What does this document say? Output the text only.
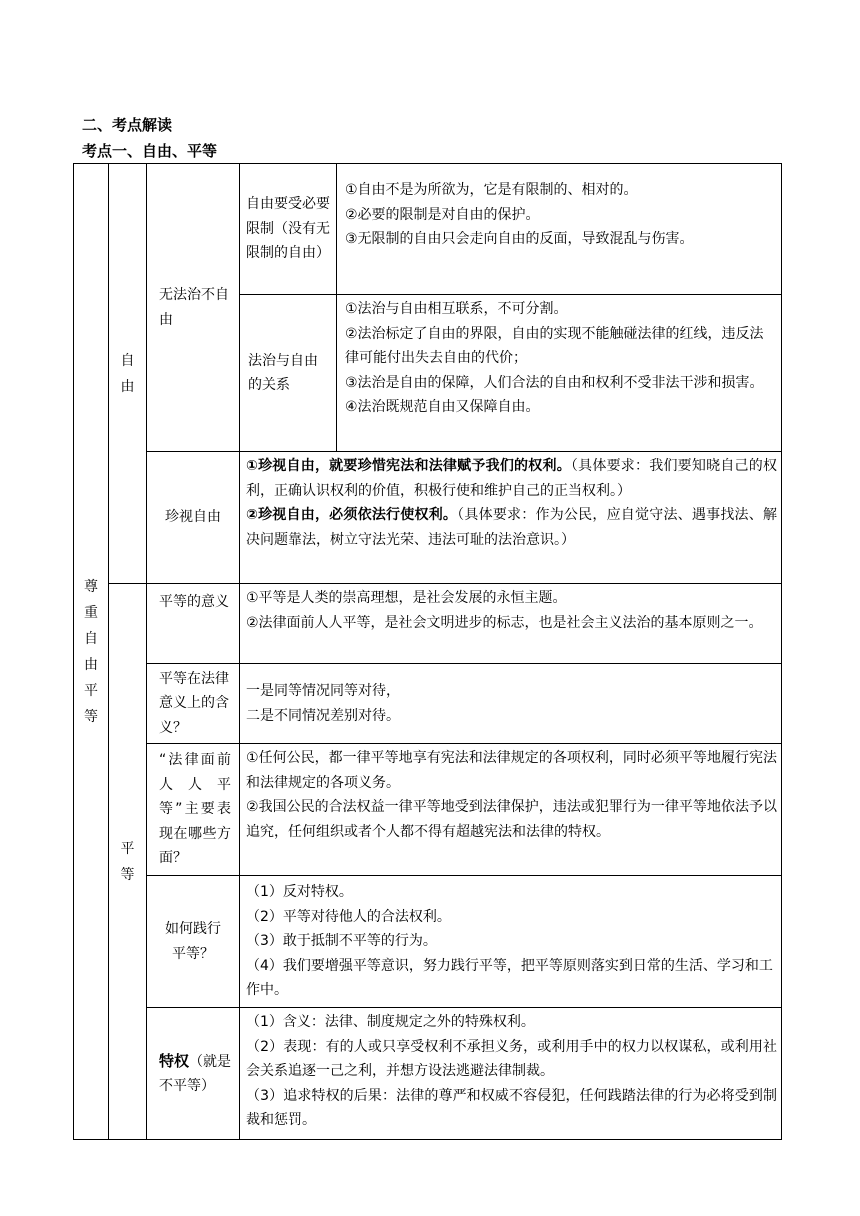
二、考点解读
考点一、自由、平等
尊重自由平等	自由	无法治不自由	自由要受必要限制（没有无限制的自由）	①自由不是为所欲为，它是有限制的、相对的。
②必要的限制是对自由的保护。
③无限制的自由只会走向自由的反面，导致混乱与伤害。

			法治与自由的关系	①法治与自由相互联系，不可分割。
②法治标定了自由的界限，自由的实现不能触碰法律的红线，违反法律可能付出失去自由的代价；
③法治是自由的保障，人们合法的自由和权利不受非法干涉和损害。
④法治既规范自由又保障自由。

		珍视自由	①珍视自由，就要珍惜宪法和法律赋予我们的权利。（具体要求：我们要知晓自己的权利，正确认识权利的价值，积极行使和维护自己的正当权利。）
②珍视自由，必须依法行使权利。（具体要求：作为公民，应自觉守法、遇事找法、解决问题靠法，树立守法光荣、违法可耻的法治意识。）	

	平等	平等的意义	①平等是人类的崇高理想，是社会发展的永恒主题。
②法律面前人人平等，是社会文明进步的标志，也是社会主义法治的基本原则之一。	

		平等在法律意义上的含义？	一是同等情况同等对待，
二是不同情况差别对待。	

		“法律面前人人平等”主要表现在哪些方面？	①任何公民，都一律平等地享有宪法和法律规定的各项权利，同时必须平等地履行宪法和法律规定的各项义务。
②我国公民的合法权益一律平等地受到法律保护，违法或犯罪行为一律平等地依法予以追究，任何组织或者个人都不得有超越宪法和法律的特权。	

		如何践行平等？	（1）反对特权。
（2）平等对待他人的合法权利。
（3）敢于抵制不平等的行为。
（4）我们要增强平等意识，努力践行平等，把平等原则落实到日常的生活、学习和工作中。	

		特权（就是不平等）	（1）含义：法律、制度规定之外的特殊权利。
（2）表现：有的人或只享受权利不承担义务，或利用手中的权力以权谋私，或利用社会关系追逐一己之利，并想方设法逃避法律制裁。
（3）追求特权的后果：法律的尊严和权威不容侵犯，任何践踏法律的行为必将受到制裁和惩罚。	
